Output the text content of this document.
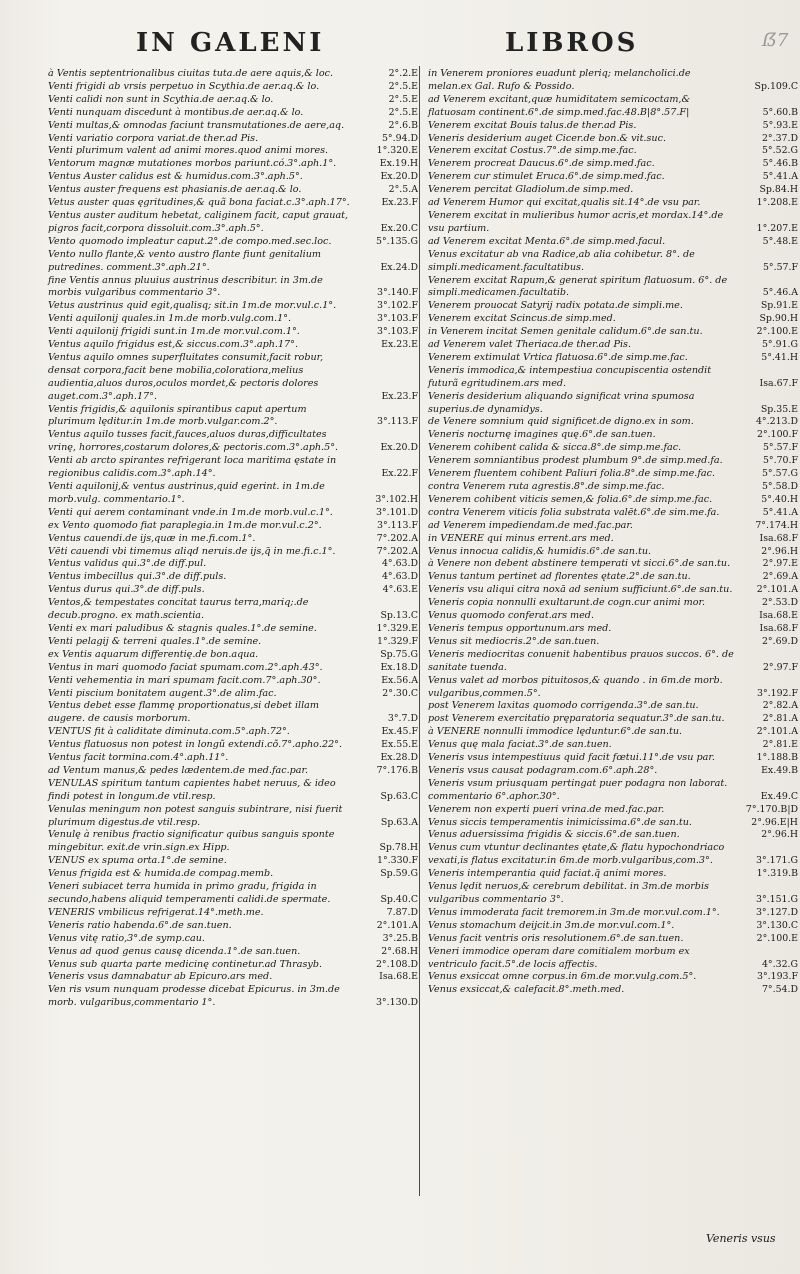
IN GALENI	LIBROS	ẞ7
à Ventis septentrionalibus ciuitas tuta.de aere aquis,& loc.	2°.2.E
Venti frigidi ab vrsis perpetuo in Scythia.de aer.aq.& lo.	2°.5.E
Venti calidi non sunt in Scythia.de aer.aq.& lo.	2°.5.E
Venti nunquam discedunt à montibus.de aer.aq.& lo.	2°.5.E
Venti multas,& omnodas faciunt transmutationes.de aere,aq.	2°.6.B
Venti variatio corpora variat.de ther.ad Pis.	5°.94.D
Venti plurimum valent ad animi mores.quod animi mores.	1°.320.E
Ventorum magnæ mutationes morbos pariunt.có.3°.aph.1°.	Ex.19.H
Ventus Auster calidus est & humidus.com.3°.aph.5°.	Ex.20.D
Ventus auster frequens est phasianis.de aer.aq.& lo.	2°.5.A
Vetus auster quas ęgritudines,& quã bona faciat.c.3°.aph.17°.	Ex.23.F
Ventus auster auditum hebetat, caliginem facit, caput grauat, pigros facit,corpora dissoluit.com.3°.aph.5°.	Ex.20.C
Vento quomodo impleatur caput.2°.de compo.med.sec.loc.	5°.135.G
Vento nullo flante,& vento austro flante fiunt genitalium putredines. comment.3°.aph.21°.	Ex.24.D
fine Ventis annus pluuius austrinus describitur. in 3m.de morbis vulgaribus commentario 3°.	3°.140.F
Vetus austrinus quid egit,qualisq; sit.in 1m.de mor.vul.c.1°.	3°.102.F
Venti aquilonij quales.in 1m.de morb.vulg.com.1°.	3°.103.F
Venti aquilonij frigidi sunt.in 1m.de mor.vul.com.1°.	3°.103.F
Ventus aquilo frigidus est,& siccus.com.3°.aph.17°.	Ex.23.E
Ventus aquilo omnes superfluitates consumit,facit robur, densat corpora,facit bene mobilia,coloratiora,melius audientia,aluos duros,oculos mordet,& pectoris dolores auget.com.3°.aph.17°.	Ex.23.F
Ventis frigidis,& aquilonis spirantibus caput apertum plurimum lęditur.in 1m.de morb.vulgar.com.2°.	3°.113.F
Ventus aquilo tusses facit,fauces,aluos duras,difficultates vrinę, horrores,costarum dolores,& pectoris.com.3°.aph.5°.	Ex.20.D
Venti ab arcto spirantes refrigerant loca maritima ęstate in regionibus calidis.com.3°.aph.14°.	Ex.22.F
Venti aquilonij,& ventus austrinus,quid egerint. in 1m.de morb.vulg. commentario.1°.	3°.102.H
Venti qui aerem contaminant vnde.in 1m.de morb.vul.c.1°.	3°.101.D
ex Vento quomodo fiat paraplegia.in 1m.de mor.vul.c.2°.	3°.113.F
Ventus cauendi.de ijs,quæ in me.fi.com.1°.	7°.202.A
Vēti cauendi vbi timemus aliqd neruis.de ijs,q̃ in me.fi.c.1°.	7°.202.A
Ventus validus qui.3°.de diff.pul.	4°.63.D
Ventus imbecillus qui.3°.de diff.puls.	4°.63.D
Ventus durus qui.3°.de diff.puls.	4°.63.E
Ventos,& tempestates concitat taurus terra,mariq;.de decub.progno. ex math.scientia.	Sp.13.C
Venti ex mari paludibus & stagnis quales.1°.de semine.	1°.329.E
Venti pelagij & terreni quales.1°.de semine.	1°.329.F
ex Ventis aquarum differentię.de bon.aqua.	Sp.75.G
Ventus in mari quomodo faciat spumam.com.2°.aph.43°.	Ex.18.D
Venti vehementia in mari spumam facit.com.7°.aph.30°.	Ex.56.A
Venti piscium bonitatem augent.3°.de alim.fac.	2°.30.C
Ventus debet esse flammę proportionatus,si debet illam augere. de causis morborum.	3°.7.D
VENTUS fit à caliditate diminuta.com.5°.aph.72°.	Ex.45.F
Ventus flatuosus non potest in longũ extendi.cõ.7°.aphο.22°.	Ex.55.E
Ventus facit tormina.com.4°.aph.11°.	Ex.28.D
ad Ventum manus,& pedes lædentem.de med.fac.par.	7°.176.B
VENULAS spiritum tantum capientes habet neruus, & ideo findi potest in longum.de vtil.resp.	Sp.63.C
Venulas meningum non potest sanguis subintrare, nisi fuerit plurimum digestus.de vtil.resp.	Sp.63.A
Venulę à renibus fractio significatur quibus sanguis sponte mingebitur. exit.de vrin.sign.ex Hipp.	Sp.78.H
VENUS ex spuma orta.1°.de semine.	1°.330.F
Venus frigida est & humida.de compag.memb.	Sp.59.G
Veneri subiacet terra humida in primo gradu, frigida in secundo,habens aliquid temperamenti calidi.de spermate.	Sp.40.C
VENERIS vmbilicus refrigerat.14°.meth.me.	7.87.D
Veneris ratio habenda.6°.de san.tuen.	2°.101.A
Venus vitę ratio,3°.de symp.cau.	3°.25.B
Venus ad quod genus causę dicenda.1°.de san.tuen.	2°.68.H
Venus sub quarta parte medicinę continetur.ad Thrasyb.	2°.108.D
Veneris vsus damnabatur ab Epicuro.ars med.	Isa.68.E
Ven ris vsum nunquam prodesse dicebat Epicurus. in 3m.de morb. vulgaribus,commentario 1°.	3°.130.D
in Venerem proniores euadunt pleriq; melancholici.de melan.ex Gal. Rufo & Possido.	Sp.109.C
ad Venerem excitant,quæ humiditatem semicoctam,& flatuosam continent.6°.de simp.med.fac.48.B|8°.57.F|	5°.60.B
Venerem excitat Bouis talus.de ther.ad Pis.	5°.93.E
Veneris desiderium auget Cicer.de bon.& vit.suc.	2°.37.D
Venerem excitat Costus.7°.de simp.me.fac.	5°.52.G
Venerem procreat Daucus.6°.de simp.med.fac.	5°.46.B
Venerem cur stimulet Eruca.6°.de simp.med.fac.	5°.41.A
Venerem percitat Gladiolum.de simp.med.	Sp.84.H
ad Venerem Humor qui excitat,qualis sit.14°.de vsu par.	1°.208.E
Venerem excitat in mulieribus humor acris,et mordax.14°.de vsu partium.	1°.207.E
ad Venerem excitat Menta.6°.de simp.med.facul.	5°.48.E
Venus excitatur ab vna Radice,ab alia cohibetur. 8°. de simpli.medicament.facultatibus.	5°.57.F
Venerem excitat Rapum,& generat spiritum flatuosum. 6°. de simpli.medicamen.facultatib.	5°.46.A
Venerem prouocat Satyrij radix potata.de simpli.me.	Sp.91.E
Venerem excitat Scincus.de simp.med.	Sp.90.H
in Venerem incitat Semen genitale calidum.6°.de san.tu.	2°.100.E
ad Venerem valet Theriaca.de ther.ad Pis.	5°.91.G
Venerem extimulat Vrtica flatuosa.6°.de simp.me.fac.	5°.41.H
Veneris immodica,& intempestiua concupiscentia ostendit futurã egritudinem.ars med.	Isa.67.F
Veneris desiderium aliquando significat vrina spumosa superius.de dynamidys.	Sp.35.E
de Venere somnium quid significet.de digno.ex in som.	4°.213.D
Veneris nocturnę imagines quę.6°.de san.tuen.	2°.100.F
Venerem cohibent calida & sicca.8°.de simp.me.fac.	5°.57.F
Venerem somniantibus prodest plumbum 9°.de simp.med.fa.	5°.70.F
Venerem fluentem cohibent Paliuri folia.8°.de simp.me.fac.	5°.57.G
contra Venerem ruta agrestis.8°.de simp.me.fac.	5°.58.D
Venerem cohibent viticis semen,& folia.6°.de simp.me.fac.	5°.40.H
contra Venerem viticis folia substrata valēt.6°.de sim.me.fa.	5°.41.A
ad Venerem impediendam.de med.fac.par.	7°.174.H
in VENERE qui minus errent.ars med.	Isa.68.F
Venus innocua calidis,& humidis.6°.de san.tu.	2°.96.H
à Venere non debent abstinere temperati vt sicci.6°.de san.tu.	2°.97.E
Venus tantum pertinet ad florentes ętate.2°.de san.tu.	2°.69.A
Veneris vsu aliqui citra noxā ad senium sufficiunt.6°.de san.tu.	2°.101.A
Veneris copia nonnulli exultarunt.de cogn.cur animi mor.	2°.53.D
Venus quomodo conferat.ars med.	Isa.68.E
Veneris tempus opportunum.ars med.	Isa.68.F
Venus sit mediocris.2°.de san.tuen.	2°.69.D
Veneris mediocritas conuenit habentibus prauos succos. 6°. de sanitate tuenda.	2°.97.F
Venus valet ad morbos pituitosos,& quando . in 6m.de morb. vulgaribus,commen.5°.	3°.192.F
post Venerem laxitas quomodo corrigenda.3°.de san.tu.	2°.82.A
post Venerem exercitatio pręparatoria sequatur.3°.de san.tu.	2°.81.A
à VENERE nonnulli immodice lęduntur.6°.de san.tu.	2°.101.A
Venus quę mala faciat.3°.de san.tuen.	2°.81.E
Veneris vsus intempestiuus quid facit fœtui.11°.de vsu par.	1°.188.B
Veneris vsus causat podagram.com.6°.aph.28°.	Ex.49.B
Veneris vsum priusquam pertingat puer podagra non laborat. commentario 6°.aphor.30°.	Ex.49.C
Venerem non experti pueri vrina.de med.fac.par.	7°.170.B|D
Venus siccis temperamentis inimicissima.6°.de san.tu.	2°.96.E|H
Venus aduersissima frigidis & siccis.6°.de san.tuen.	2°.96.H
Venus cum vtuntur declinantes ętate,& flatu hypochondriaco vexati,is flatus excitatur.in 6m.de morb.vulgaribus,com.3°.	3°.171.G
Veneris intemperantia quid faciat.q̃ animi mores.	1°.319.B
Venus lędit neruos,& cerebrum debilitat. in 3m.de morbis vulgaribus commentario 3°.	3°.151.G
Venus immoderata facit tremorem.in 3m.de mor.vul.com.1°.	3°.127.D
Venus stomachum deijcit.in 3m.de mor.vul.com.1°.	3°.130.C
Venus facit ventris oris resolutionem.6°.de san.tuen.	2°.100.E
Veneri immodice operam dare comitialem morbum ex ventriculo facit.5°.de locis affectis.	4°.32.G
Venus exsiccat omne corpus.in 6m.de mor.vulg.com.5°.	3°.193.F
Venus exsiccat,& calefacit.8°.meth.med.	7°.54.D
Veneris vsus
